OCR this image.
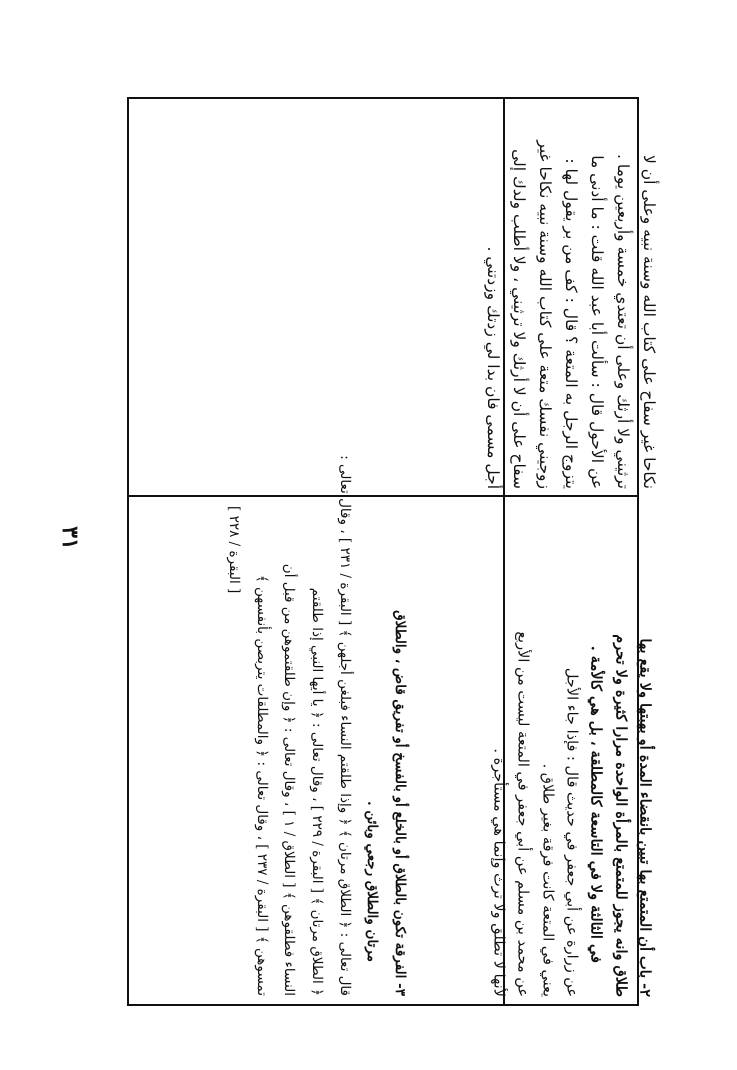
٣١
نكاحا غير سفاح على كتاب الله وسنة نبيه وعلى أن لا
ترثيني ولا أرثك وعلى أن تعتدي خمسة وأربعين يوما .
عن الأحول قال : سألت أبا عبد الله قلت : ما أدنى ما
يتزوج الرجل به المتعة ؟ قال : كف من بر يقول لها :
زوجيني نفسك متعة على كتاب الله وسنة نبيه نكاحا غير
سفاح على أن لا أرثك ولا ترثيني ، ولا أطلب ولدك إلى
أجل مسمى فان بدا لي زدتك وزدتني .
٢- باب أن المتمتع بها تبين بانقضاء المدة أو بهبتها ولا يقع بها
طلاق وانه يجوز للمتمتع بالمرأة الواحدة مرارا كثيرة ولا تحرم
في الثالثة ولا في التاسعة كالمطلقة ، بل هي كالأمة .
عن زرارة عن أبي جعفر في حديث قال : فإذا جاء الأجل
يعني في المتعة كانت فرقة بغير طلاق .
عن محمد بن مسلم عن أبي جعفر في المتعة ليست من الأربع
لأنها لا تطلق ولا ترث وإنما هي مستأجرة .
٣- الفرقة تكون بالطلاق أو بالخلع أو بالفسخ أو تفريق قاض ، والطلاق
مرتان والطلاق رجعي وبائن .
قال تعالى : ﴿ الطلاق مرتان ﴾ ﴿ وإذا طلقتم النساء فبلغن أجلهن ﴾ [ البقرة / ٢٣١ ] ، وقال تعالى :
﴿ الطلاق مرتان ﴾ [ البقرة / ٢٢٩ ] ، وقال تعالى : ﴿ يا أيها النبي إذا طلقتم
النساء فطلقوهن ﴾ [ الطلاق / ١ ] ، وقال تعالى : ﴿ وإن طلقتموهن من قبل أن
تمسوهن ﴾ [ البقرة / ٢٣٧ ] ، وقال تعالى : ﴿ والمطلقات يتربصن بأنفسهن ﴾
[ البقرة / ٢٢٨ ]
